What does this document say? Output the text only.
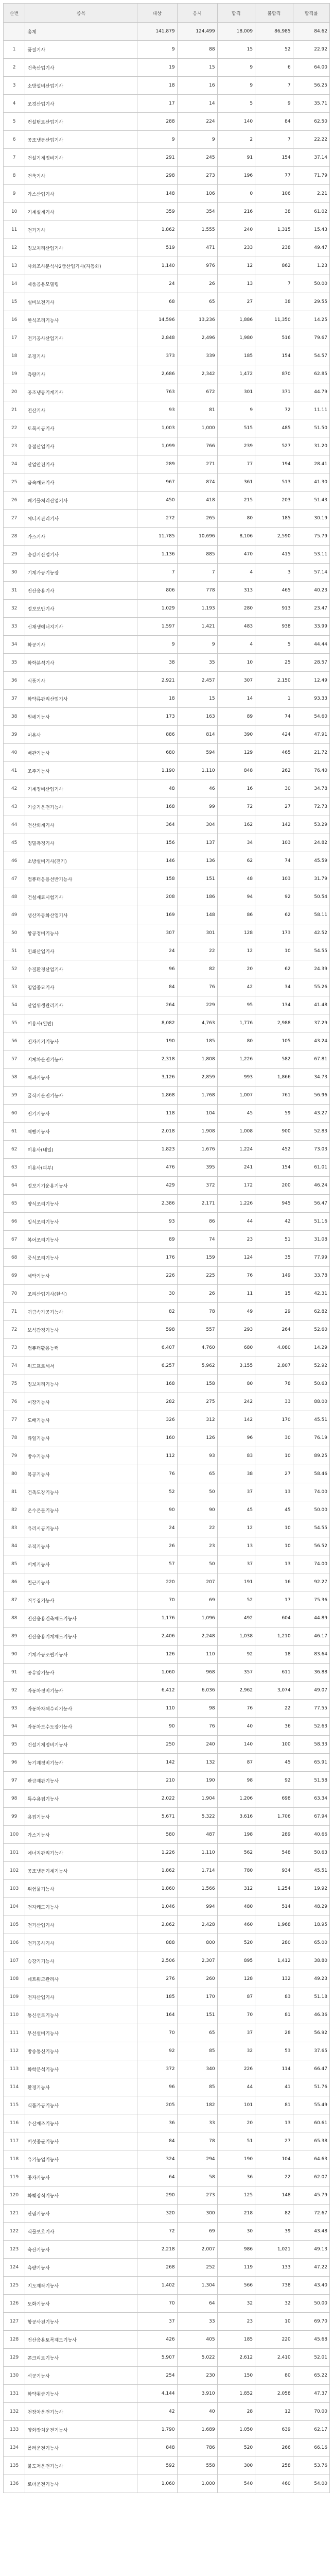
순번	종목	대상	응시	합격	불합격	합격률
	총계	141,879	124,499	18,009	86,985	84.62
1	품질기사	9	88	15	52	22.92
2	건축산업기사	19	15	9	6	64.00
3	소방설비산업기사	18	16	9	7	56.25
4	조경산업기사	17	14	5	9	35.71
5	컨설턴트산업기사	288	224	140	84	62.50
6	공조냉동산업기사	9	9	2	7	22.22
7	건설기계정비기사	291	245	91	154	37.14
8	건축기사	298	273	196	77	71.79
9	가스산업기사	148	106	0	106	2.21
10	기계설계기사	359	354	216	38	61.02
11	전기기사	1,862	1,555	240	1,315	15.43
12	정보처리산업기사	519	471	233	238	49.47
13	사회조사분석사2급산업기사(자동화)	1,140	976	12	862	1.23
14	제품응용모델링	24	26	13	7	50.00
15	설비보전기사	68	65	27	38	29.55
16	한식조리기능사	14,596	13,236	1,886	11,350	14.25
17	전기공사산업기사	2,848	2,496	1,980	516	79.67
18	조경기사	373	339	185	154	54.57
19	측량기사	2,686	2,342	1,472	870	62.85
20	공조냉동기계기사	763	672	301	371	44.79
21	전산기사	93	81	9	72	11.11
22	토목시공기사	1,003	1,000	515	485	51.50
23	용접산업기사	1,099	766	239	527	31.20
24	산업안전기사	289	271	77	194	28.41
25	금속재료기사	967	874	361	513	41.30
26	폐기물처리산업기사	450	418	215	203	51.43
27	에너지관리기사	272	265	80	185	30.19
28	가스기사	11,785	10,696	8,106	2,590	75.79
29	승강기산업기사	1,136	885	470	415	53.11
30	기계가공기능장	7	7	4	3	57.14
31	전산응용기사	806	778	313	465	40.23
32	정보보안기사	1,029	1,193	280	913	23.47
33	신재생에너지기사	1,597	1,421	483	938	33.99
34	화공기사	9	9	4	5	44.44
35	화학분석기사	38	35	10	25	28.57
36	식품기사	2,921	2,457	307	2,150	12.49
37	화약류관리산업기사	18	15	14	1	93.33
38	원예기능사	173	163	89	74	54.60
39	이용사	886	814	390	424	47.91
40	배관기능사	680	594	129	465	21.72
41	조주기능사	1,190	1,110	848	262	76.40
42	기계정비산업기사	48	46	16	30	34.78
43	기중기운전기능사	168	99	72	27	72.73
44	전산회계기사	364	304	162	142	53.29
45	정밀측정기사	156	137	34	103	24.82
46	소방설비기사(전기)	146	136	62	74	45.59
47	컴퓨터응용선반기능사	158	151	48	103	31.79
48	건설재료시험기사	208	186	94	92	50.54
49	생산자동화산업기사	169	148	86	62	58.11
50	항공정비기능사	307	301	128	173	42.52
51	인쇄산업기사	24	22	12	10	54.55
52	수질환경산업기사	96	82	20	62	24.39
53	임업종묘기사	84	76	42	34	55.26
54	산업위생관리기사	264	229	95	134	41.48
55	미용사(일반)	8,082	4,763	1,776	2,988	37.29
56	전자기기기능사	190	185	80	105	43.24
57	지게차운전기능사	2,318	1,808	1,226	582	67.81
58	제과기능사	3,126	2,859	993	1,866	34.73
59	굴삭기운전기능사	1,868	1,768	1,007	761	56.96
60	전기기능사	118	104	45	59	43.27
61	제빵기능사	2,018	1,908	1,008	900	52.83
62	미용사(네일)	1,823	1,676	1,224	452	73.03
63	미용사(피부)	476	395	241	154	61.01
64	정보기기운용기능사	429	372	172	200	46.24
65	양식조리기능사	2,386	2,171	1,226	945	56.47
66	일식조리기능사	93	86	44	42	51.16
67	복어조리기능사	89	74	23	51	31.08
68	중식조리기능사	176	159	124	35	77.99
69	세탁기능사	226	225	76	149	33.78
70	조리산업기사(한식)	30	26	11	15	42.31
71	귀금속가공기능사	82	78	49	29	62.82
72	보석감정기능사	598	557	293	264	52.60
73	컴퓨터활용능력	6,407	4,760	680	4,080	14.29
74	워드프로세서	6,257	5,962	3,155	2,807	52.92
75	정보처리기능사	168	158	80	78	50.63
76	미장기능사	282	275	242	33	88.00
77	도배기능사	326	312	142	170	45.51
78	타일기능사	160	126	96	30	76.19
79	방수기능사	112	93	83	10	89.25
80	목공기능사	76	65	38	27	58.46
81	건축도장기능사	52	50	37	13	74.00
82	온수온돌기능사	90	90	45	45	50.00
83	유리시공기능사	24	22	12	10	54.55
84	조적기능사	26	23	13	10	56.52
85	비계기능사	57	50	37	13	74.00
86	철근기능사	220	207	191	16	92.27
87	거푸집기능사	70	69	52	17	75.36
88	전산응용건축제도기능사	1,176	1,096	492	604	44.89
89	전산응용기계제도기능사	2,406	2,248	1,038	1,210	46.17
90	기계가공조립기능사	126	110	92	18	83.64
91	공유압기능사	1,060	968	357	611	36.88
92	자동차정비기능사	6,412	6,036	2,962	3,074	49.07
93	자동차차체수리기능사	110	98	76	22	77.55
94	자동차보수도장기능사	90	76	40	36	52.63
95	건설기계정비기능사	250	240	140	100	58.33
96	농기계정비기능사	142	132	87	45	65.91
97	판금제관기능사	210	190	98	92	51.58
98	특수용접기능사	2,022	1,904	1,206	698	63.34
99	용접기능사	5,671	5,322	3,616	1,706	67.94
100	가스기능사	580	487	198	289	40.66
101	에너지관리기능사	1,226	1,110	562	548	50.63
102	공조냉동기계기능사	1,862	1,714	780	934	45.51
103	위험물기능사	1,860	1,566	312	1,254	19.92
104	전자캐드기능사	1,046	994	480	514	48.29
105	전기산업기사	2,862	2,428	460	1,968	18.95
106	전기공사기사	888	800	520	280	65.00
107	승강기기능사	2,506	2,307	895	1,412	38.80
108	네트워크관리사	276	260	128	132	49.23
109	전자산업기사	185	170	87	83	51.18
110	통신선로기능사	164	151	70	81	46.36
111	무선설비기능사	70	65	37	28	56.92
112	방송통신기능사	92	85	32	53	37.65
113	화학분석기능사	372	340	226	114	66.47
114	환경기능사	96	85	44	41	51.76
115	식품가공기능사	205	182	101	81	55.49
116	수산제조기능사	36	33	20	13	60.61
117	버섯종균기능사	84	78	51	27	65.38
118	유기농업기능사	324	294	190	104	64.63
119	종자기능사	64	58	36	22	62.07
120	화훼장식기능사	290	273	125	148	45.79
121	산림기능사	320	300	218	82	72.67
122	식물보호기사	72	69	30	39	43.48
123	축산기능사	2,218	2,007	986	1,021	49.13
124	측량기능사	268	252	119	133	47.22
125	지도제작기능사	1,402	1,304	566	738	43.40
126	도화기능사	70	64	32	32	50.00
127	항공사진기능사	37	33	23	10	69.70
128	전산응용토목제도기능사	426	405	185	220	45.68
129	콘크리트기능사	5,907	5,022	2,612	2,410	52.01
130	석공기능사	254	230	150	80	65.22
131	화약취급기능사	4,144	3,910	1,852	2,058	47.37
132	천장차운전기능사	42	40	28	12	70.00
133	양화장치운전기능사	1,790	1,689	1,050	639	62.17
134	롤러운전기능사	848	786	520	266	66.16
135	불도저운전기능사	592	558	300	258	53.76
136	로더운전기능사	1,060	1,000	540	460	54.00
